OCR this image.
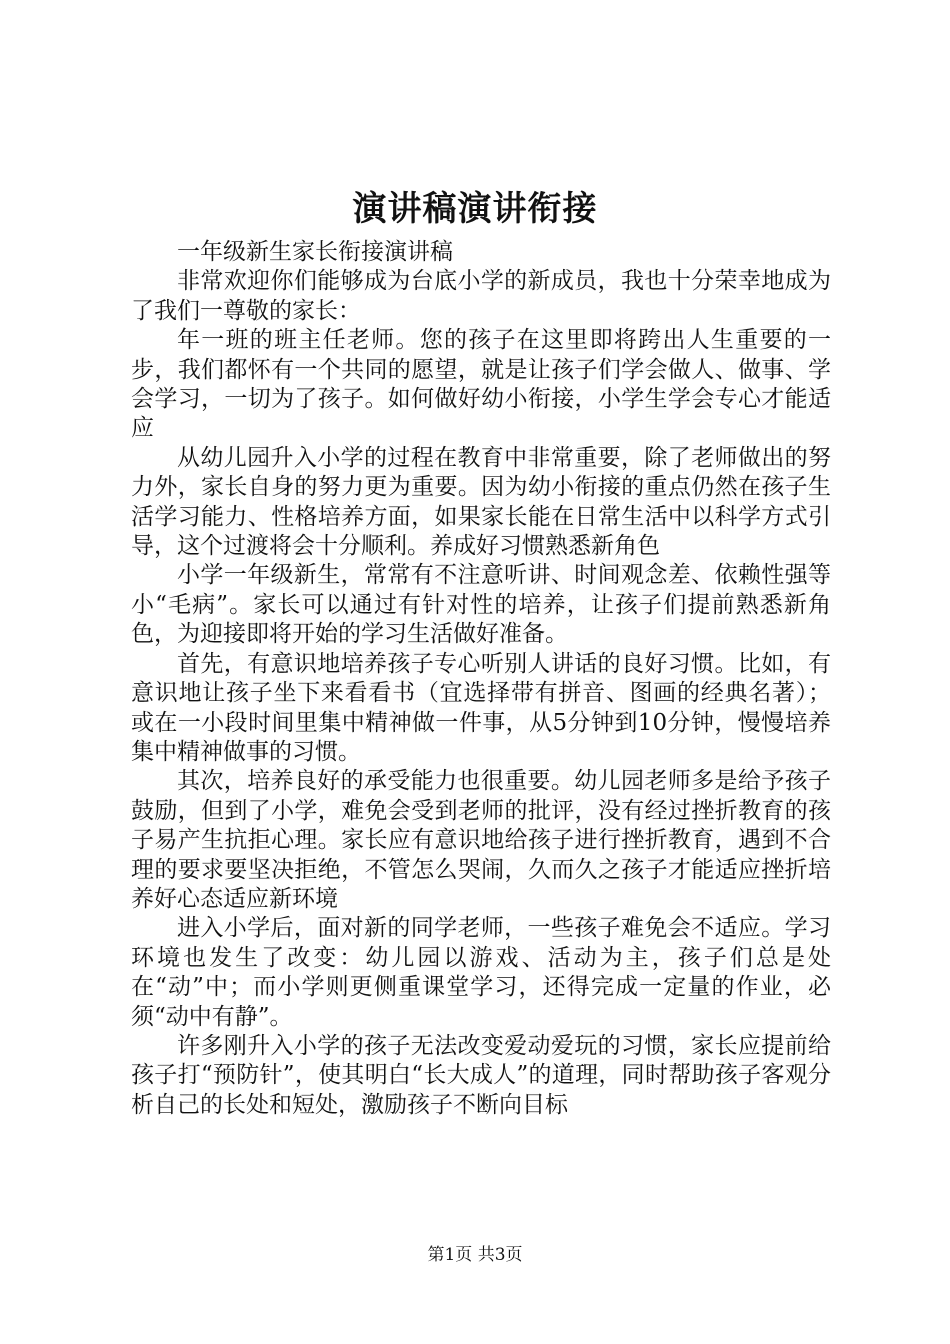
演讲稿演讲衔接

一年级新生家长衔接演讲稿

非常欢迎你们能够成为台底小学的新成员，我也十分荣幸地成为了我们一尊敬的家长：

年一班的班主任老师。您的孩子在这里即将跨出人生重要的一步，我们都怀有一个共同的愿望，就是让孩子们学会做人、做事、学会学习，一切为了孩子。如何做好幼小衔接，小学生学会专心才能适应

从幼儿园升入小学的过程在教育中非常重要，除了老师做出的努力外，家长自身的努力更为重要。因为幼小衔接的重点仍然在孩子生活学习能力、性格培养方面，如果家长能在日常生活中以科学方式引导，这个过渡将会十分顺利。养成好习惯熟悉新角色

小学一年级新生，常常有不注意听讲、时间观念差、依赖性强等小“毛病”。家长可以通过有针对性的培养，让孩子们提前熟悉新角色，为迎接即将开始的学习生活做好准备。

首先，有意识地培养孩子专心听别人讲话的良好习惯。比如，有意识地让孩子坐下来看看书（宜选择带有拼音、图画的经典名著）；或在一小段时间里集中精神做一件事，从5分钟到10分钟，慢慢培养集中精神做事的习惯。

其次，培养良好的承受能力也很重要。幼儿园老师多是给予孩子鼓励，但到了小学，难免会受到老师的批评，没有经过挫折教育的孩子易产生抗拒心理。家长应有意识地给孩子进行挫折教育，遇到不合理的要求要坚决拒绝，不管怎么哭闹，久而久之孩子才能适应挫折培养好心态适应新环境

进入小学后，面对新的同学老师，一些孩子难免会不适应。学习环境也发生了改变：幼儿园以游戏、活动为主，孩子们总是处在“动”中；而小学则更侧重课堂学习，还得完成一定量的作业，必须“动中有静”。

许多刚升入小学的孩子无法改变爱动爱玩的习惯，家长应提前给孩子打“预防针”，使其明白“长大成人”的道理，同时帮助孩子客观分析自己的长处和短处，激励孩子不断向目标

第1页 共3页
